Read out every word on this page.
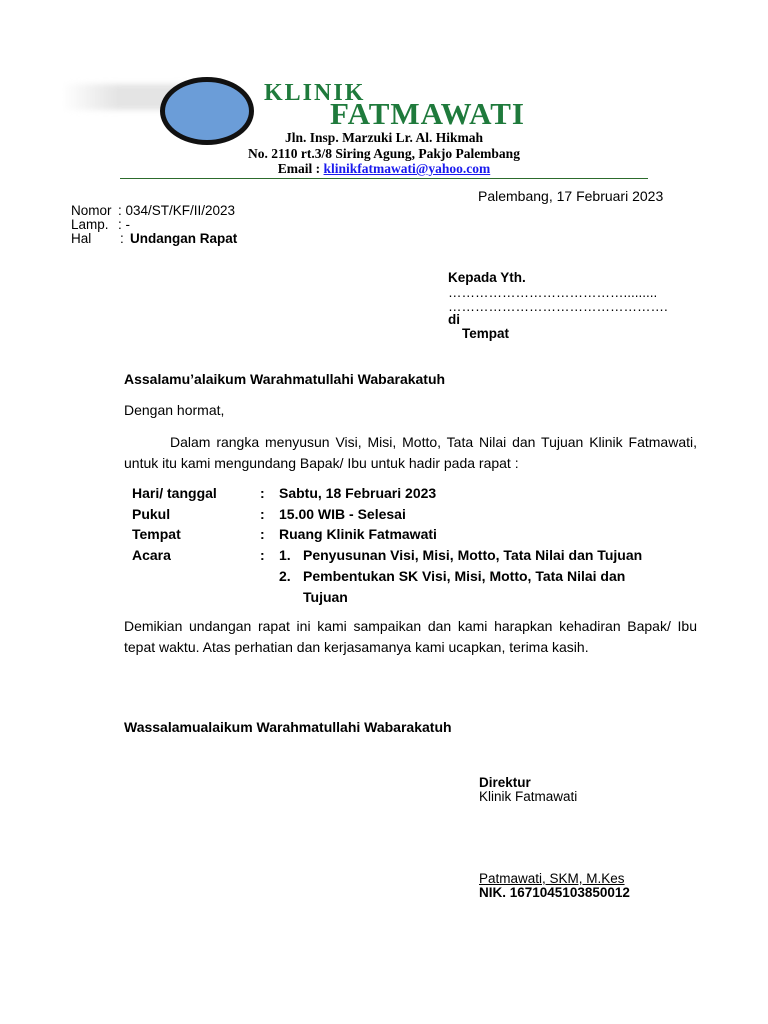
KLINIK
FATMAWATI
Jln. Insp. Marzuki Lr. Al. Hikmah
No. 2110 rt.3/8 Siring Agung, Pakjo Palembang
Email : klinikfatmawati@yahoo.com
Palembang, 17 Februari 2023
Nomor : 034/ST/KF/II/2023
Lamp. : -
Hal : Undangan Rapat
Kepada Yth.
………………………………….........
………………………………………….
di
Tempat
Assalamu’alaikum Warahmatullahi Wabarakatuh
Dengan hormat,
Dalam rangka menyusun Visi, Misi, Motto, Tata Nilai dan Tujuan Klinik Fatmawati, untuk itu kami mengundang Bapak/ Ibu untuk hadir pada rapat :
Hari/ tanggal	: Sabtu, 18 Februari 2023
Pukul	: 15.00 WIB - Selesai
Tempat	: Ruang Klinik Fatmawati
Acara	: 1. Penyusunan Visi, Misi, Motto, Tata Nilai dan Tujuan
2. Pembentukan SK Visi, Misi, Motto, Tata Nilai dan
Tujuan
Demikian undangan rapat ini kami sampaikan dan kami harapkan kehadiran Bapak/ Ibu tepat waktu. Atas perhatian dan kerjasamanya kami ucapkan, terima kasih.
Wassalamualaikum Warahmatullahi Wabarakatuh
Direktur
Klinik Fatmawati
Patmawati, SKM, M.Kes
NIK. 1671045103850012
